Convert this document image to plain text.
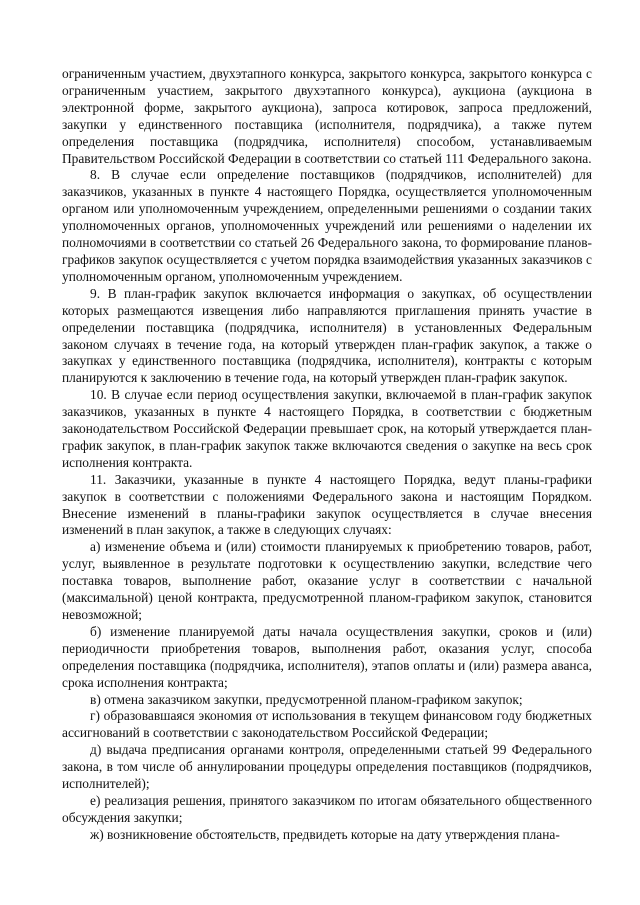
ограниченным участием, двухэтапного конкурса, закрытого конкурса, закрытого конкурса с ограниченным участием, закрытого двухэтапного конкурса), аукциона (аукциона в электронной форме, закрытого аукциона), запроса котировок, запроса предложений, закупки у единственного поставщика (исполнителя, подрядчика), а также путем определения поставщика (подрядчика, исполнителя) способом, устанавливаемым Правительством Российской Федерации в соответствии со статьей 111 Федерального закона.

8. В случае если определение поставщиков (подрядчиков, исполнителей) для заказчиков, указанных в пункте 4 настоящего Порядка, осуществляется уполномоченным органом или уполномоченным учреждением, определенными решениями о создании таких уполномоченных органов, уполномоченных учреждений или решениями о наделении их полномочиями в соответствии со статьей 26 Федерального закона, то формирование планов-графиков закупок осуществляется с учетом порядка взаимодействия указанных заказчиков с уполномоченным органом, уполномоченным учреждением.

9. В план-график закупок включается информация о закупках, об осуществлении которых размещаются извещения либо направляются приглашения принять участие в определении поставщика (подрядчика, исполнителя) в установленных Федеральным законом случаях в течение года, на который утвержден план-график закупок, а также о закупках у единственного поставщика (подрядчика, исполнителя), контракты с которым планируются к заключению в течение года, на который утвержден план-график закупок.

10. В случае если период осуществления закупки, включаемой в план-график закупок заказчиков, указанных в пункте 4 настоящего Порядка, в соответствии с бюджетным законодательством Российской Федерации превышает срок, на который утверждается план-график закупок, в план-график закупок также включаются сведения о закупке на весь срок исполнения контракта.

11. Заказчики, указанные в пункте 4 настоящего Порядка, ведут планы-графики закупок в соответствии с положениями Федерального закона и настоящим Порядком. Внесение изменений в планы-графики закупок осуществляется в случае внесения изменений в план закупок, а также в следующих случаях:

а) изменение объема и (или) стоимости планируемых к приобретению товаров, работ, услуг, выявленное в результате подготовки к осуществлению закупки, вследствие чего поставка товаров, выполнение работ, оказание услуг в соответствии с начальной (максимальной) ценой контракта, предусмотренной планом-графиком закупок, становится невозможной;

б) изменение планируемой даты начала осуществления закупки, сроков и (или) периодичности приобретения товаров, выполнения работ, оказания услуг, способа определения поставщика (подрядчика, исполнителя), этапов оплаты и (или) размера аванса, срока исполнения контракта;

в) отмена заказчиком закупки, предусмотренной планом-графиком закупок;

г) образовавшаяся экономия от использования в текущем финансовом году бюджетных ассигнований в соответствии с законодательством Российской Федерации;

д) выдача предписания органами контроля, определенными статьей 99 Федерального закона, в том числе об аннулировании процедуры определения поставщиков (подрядчиков, исполнителей);

е) реализация решения, принятого заказчиком по итогам обязательного общественного обсуждения закупки;

ж) возникновение обстоятельств, предвидеть которые на дату утверждения плана-
